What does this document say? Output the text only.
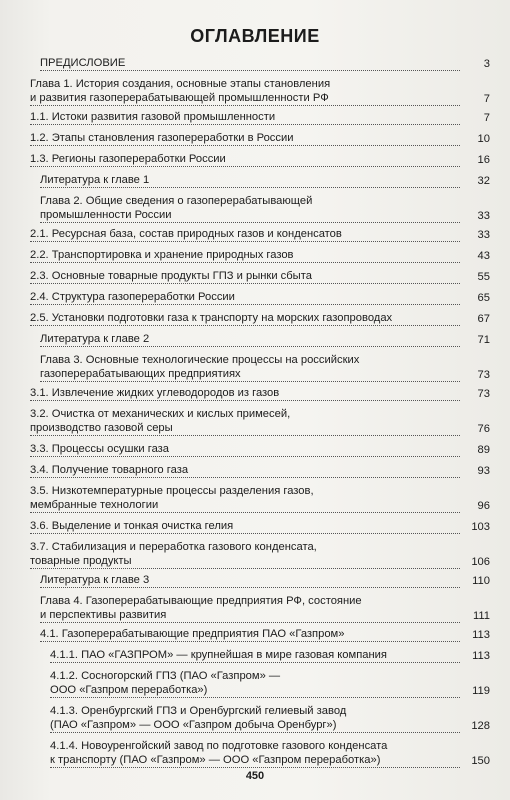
ОГЛАВЛЕНИЕ
ПРЕДИСЛОВИЕ	3
Глава 1. История создания, основные этапы становления
и развития газоперерабатывающей промышленности РФ	7
1.1. Истоки развития газовой промышленности	7
1.2. Этапы становления газопереработки в России	10
1.3. Регионы газопереработки России	16
Литература к главе 1	32
Глава 2. Общие сведения о газоперерабатывающей
промышленности России	33
2.1. Ресурсная база, состав природных газов и конденсатов	33
2.2. Транспортировка и хранение природных газов	43
2.3. Основные товарные продукты ГПЗ и рынки сбыта	55
2.4. Структура газопереработки России	65
2.5. Установки подготовки газа к транспорту на морских газопроводах	67
Литература к главе 2	71
Глава 3. Основные технологические процессы на российских
газоперерабатывающих предприятиях	73
3.1. Извлечение жидких углеводородов из газов	73
3.2. Очистка от механических и кислых примесей,
производство газовой серы	76
3.3. Процессы осушки газа	89
3.4. Получение товарного газа	93
3.5. Низкотемпературные процессы разделения газов,
мембранные технологии	96
3.6. Выделение и тонкая очистка гелия	103
3.7. Стабилизация и переработка газового конденсата,
товарные продукты	106
Литература к главе 3	110
Глава 4. Газоперерабатывающие предприятия РФ, состояние
и перспективы развития	111
4.1. Газоперерабатывающие предприятия ПАО «Газпром»	113
4.1.1. ПАО «ГАЗПРОМ» — крупнейшая в мире газовая компания	113
4.1.2. Сосногорский ГПЗ (ПАО «Газпром» —
ООО «Газпром переработка»)	119
4.1.3. Оренбургский ГПЗ и Оренбургский гелиевый завод
(ПАО «Газпром» — ООО «Газпром добыча Оренбург»)	128
4.1.4. Новоуренгойский завод по подготовке газового конденсата
к транспорту (ПАО «Газпром» — ООО «Газпром переработка»)	150
450
